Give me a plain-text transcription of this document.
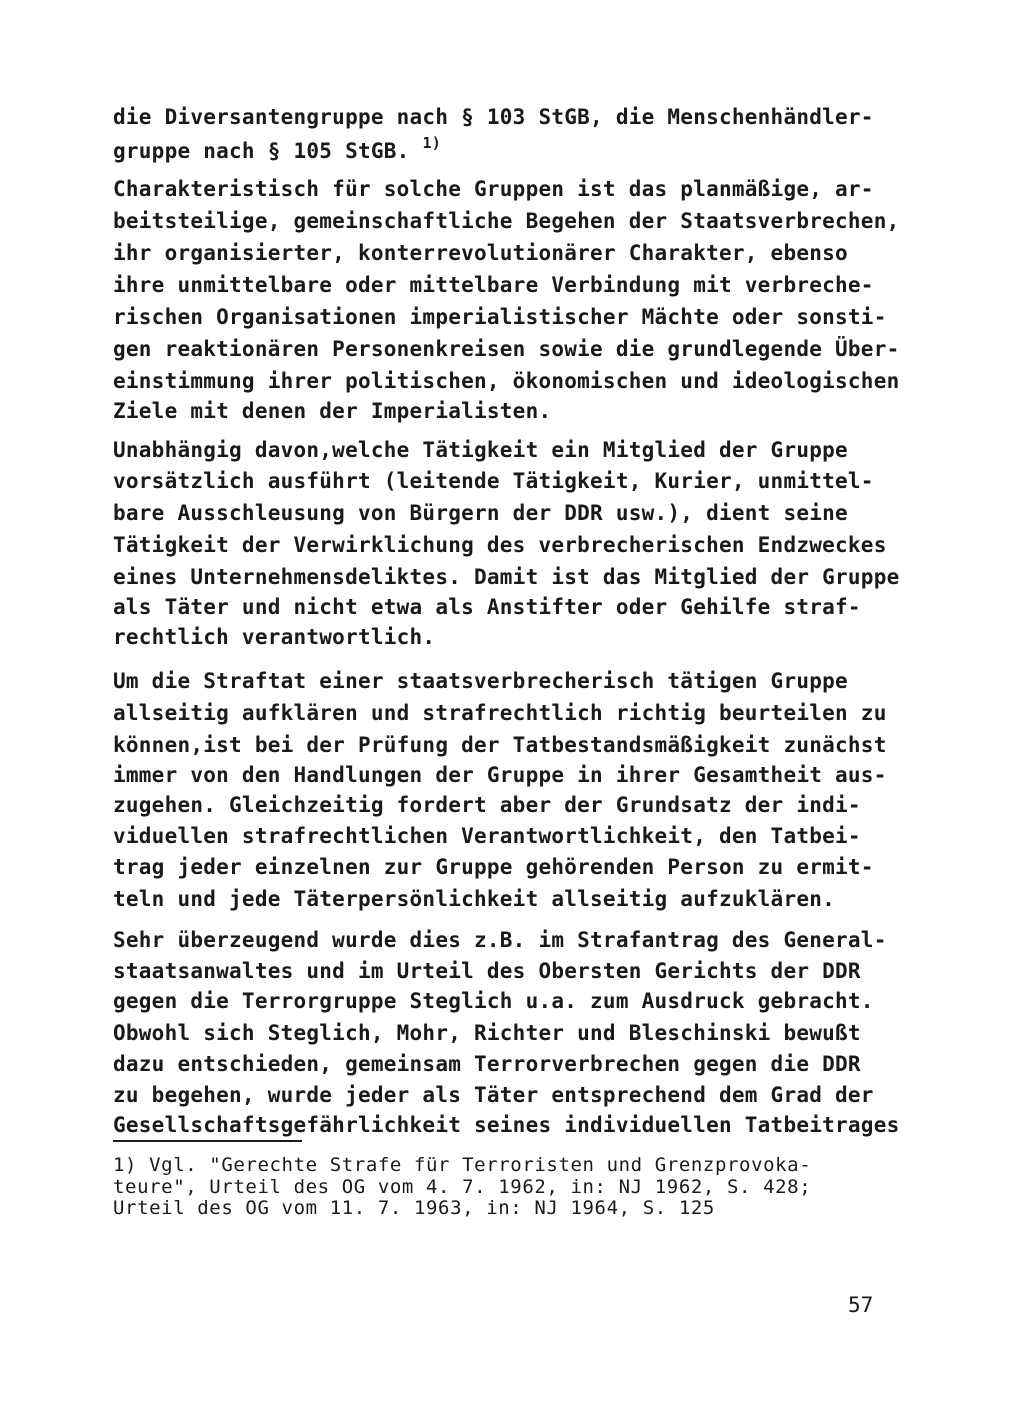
die Diversantengruppe nach § 103 StGB, die Menschenhändler-
gruppe nach § 105 StGB. $^{1)}$
Charakteristisch für solche Gruppen ist das planmäßige, ar-
beitsteilige, gemeinschaftliche Begehen der Staatsverbrechen,
ihr organisierter, konterrevolutionärer Charakter, ebenso
ihre unmittelbare oder mittelbare Verbindung mit verbreche-
rischen Organisationen imperialistischer Mächte oder sonsti-
gen reaktionären Personenkreisen sowie die grundlegende Über-
einstimmung ihrer politischen, ökonomischen und ideologischen
Ziele mit denen der Imperialisten.
Unabhängig davon,welche Tätigkeit ein Mitglied der Gruppe
vorsätzlich ausführt (leitende Tätigkeit, Kurier, unmittel-
bare Ausschleusung von Bürgern der DDR usw.), dient seine
Tätigkeit der Verwirklichung des verbrecherischen Endzweckes
eines Unternehmensdeliktes. Damit ist das Mitglied der Gruppe
als Täter und nicht etwa als Anstifter oder Gehilfe straf-
rechtlich verantwortlich.
Um die Straftat einer staatsverbrecherisch tätigen Gruppe
allseitig aufklären und strafrechtlich richtig beurteilen zu
können,ist bei der Prüfung der Tatbestandsmäßigkeit zunächst
immer von den Handlungen der Gruppe in ihrer Gesamtheit aus-
zugehen. Gleichzeitig fordert aber der Grundsatz der indi-
viduellen strafrechtlichen Verantwortlichkeit, den Tatbei-
trag jeder einzelnen zur Gruppe gehörenden Person zu ermit-
teln und jede Täterpersönlichkeit allseitig aufzuklären.
Sehr überzeugend wurde dies z.B. im Strafantrag des General-
staatsanwaltes und im Urteil des Obersten Gerichts der DDR
gegen die Terrorgruppe Steglich u.a. zum Ausdruck gebracht.
Obwohl sich Steglich, Mohr, Richter und Bleschinski bewußt
dazu entschieden, gemeinsam Terrorverbrechen gegen die DDR
zu begehen, wurde jeder als Täter entsprechend dem Grad der
Gesellschaftsgefährlichkeit seines individuellen Tatbeitrages
1) Vgl. "Gerechte Strafe für Terroristen und Grenzprovoka-
teure", Urteil des OG vom 4. 7. 1962, in: NJ 1962, S. 428;
Urteil des OG vom 11. 7. 1963, in: NJ 1964, S. 125
57
